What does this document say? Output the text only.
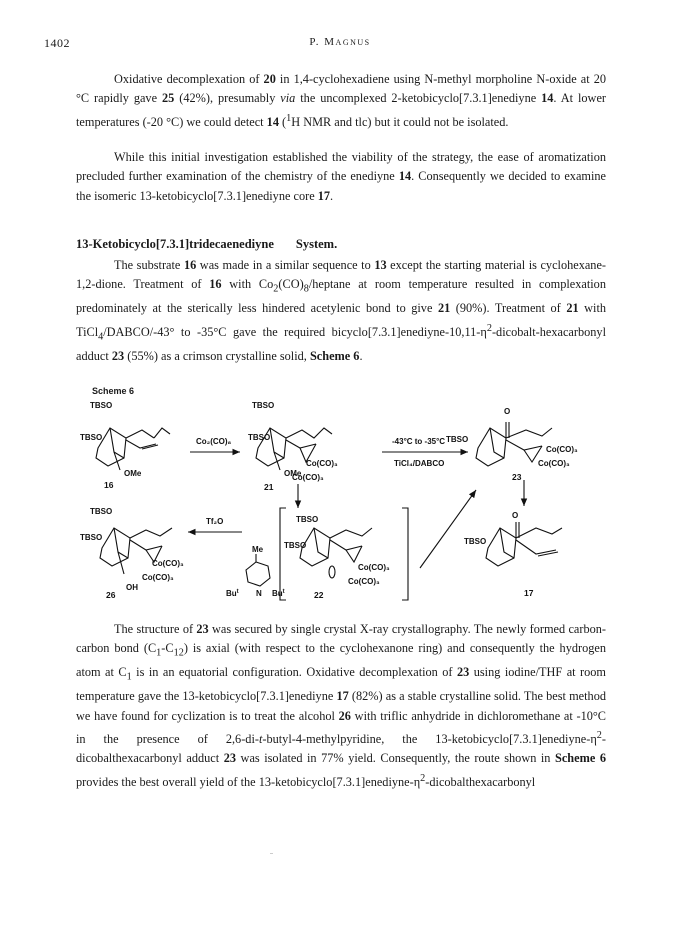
1402	P. Magnus

Oxidative decomplexation of 20 in 1,4-cyclohexadiene using N-methyl morpholine N-oxide at 20 °C rapidly gave 25 (42%), presumably via the uncomplexed 2-ketobicyclo[7.3.1]enediyne 14. At lower temperatures (-20 °C) we could detect 14 ($^1$H NMR and tlc) but it could not be isolated.

While this initial investigation established the viability of the strategy, the ease of aromatization precluded further examination of the chemistry of the enediyne 14. Consequently we decided to examine the isomeric 13-ketobicyclo[7.3.1]enediyne core 17.

13-Ketobicyclo[7.3.1]tridecaenediyne System.

The substrate 16 was made in a similar sequence to 13 except the starting material is cyclohexane-1,2-dione. Treatment of 16 with $Co_2(CO)_8$/heptane at room temperature resulted in complexation predominately at the sterically less hindered acetylenic bond to give 21 (90%). Treatment of 21 with TiCl$_4$/DABCO/-43° to -35°C gave the required $bicyclo[7.3.1]enediyne-10,11-\eta^2-dicobalt$-hexacarbonyl adduct 23 (55%) as a crimson crystalline solid, Scheme 6.

Scheme 6
TBSO
TBSO
OMe
16
Co₂(CO)₈
TBSO
TBSO
OMe
Co(CO)₃
Co(CO)₃
21
-43°C to -35°C
TiCl₄/DABCO
O
TBSO
Co(CO)₃
Co(CO)₃
23
TBSO
TBSO
Co(CO)₃
Co(CO)₃
OH
26
Tf₂O
Me
N
Bu$^t$	Bu$^t$
TBSO
TBSO
Co(CO)₃
Co(CO)₃
22
O
TBSO
17

The structure of 23 was secured by single crystal X-ray crystallography. The newly formed carbon-carbon bond $(C_1-C_{12})$ is axial (with respect to the cyclohexanone ring) and consequently the hydrogen atom at $C_1$ is in an equatorial configuration. Oxidative decomplexation of 23 using iodine/THF at room temperature gave the 13-ketobicyclo[7.3.1]enediyne 17 (82%) as a stable crystalline solid. The best method we have found for cyclization is to treat the alcohol 26 with triflic anhydride in dichloromethane at -10°C in the presence of 2,6-di-t-butyl-4-methylpyridine, the $13-ketobicyclo[7.3.1]enediyne-\eta^2$-dicobalthexacarbonyl adduct 23 was isolated in 77% yield. Consequently, the route shown in Scheme 6 provides the best overall yield of the $13-ketobicyclo[7.3.1]enediyne-\eta^2$-dicobalthexacarbonyl
